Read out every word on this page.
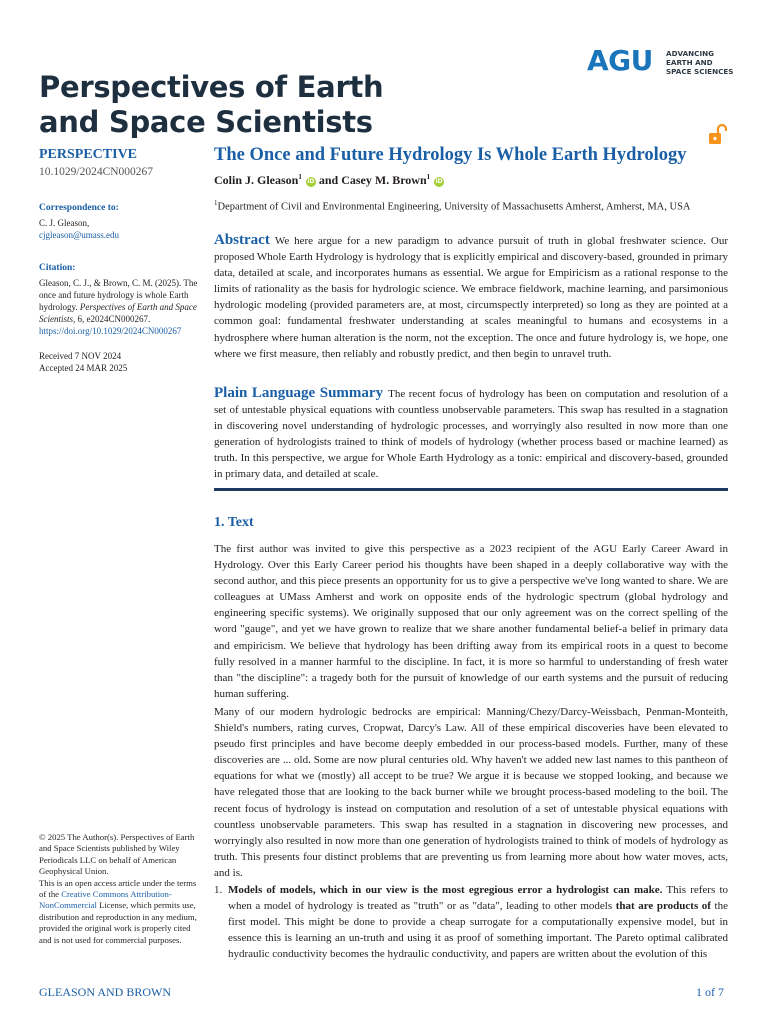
Perspectives of Earth and Space Scientists
AGU ADVANCING
EARTH AND
SPACE SCIENCES
PERSPECTIVE
10.1029/2024CN000267
Correspondence to:
C. J. Gleason,
cjgleason@umass.edu
Citation:
Gleason, C. J., & Brown, C. M. (2025). The once and future hydrology is whole Earth hydrology. Perspectives of Earth and Space Scientists, 6, e2024CN000267. https://doi.org/10.1029/2024CN000267
Received 7 NOV 2024
Accepted 24 MAR 2025
© 2025 The Author(s). Perspectives of Earth and Space Scientists published by Wiley Periodicals LLC on behalf of American Geophysical Union.
This is an open access article under the terms of the Creative Commons Attribution-NonCommercial License, which permits use, distribution and reproduction in any medium, provided the original work is properly cited and is not used for commercial purposes.
The Once and Future Hydrology Is Whole Earth Hydrology
Colin J. Gleason$^1$iD and Casey M. Brown$^1$iD
$^1$Department of Civil and Environmental Engineering, University of Massachusetts Amherst, Amherst, MA, USA
Abstract We here argue for a new paradigm to advance pursuit of truth in global freshwater science. Our proposed Whole Earth Hydrology is hydrology that is explicitly empirical and discovery-based, grounded in primary data, detailed at scale, and incorporates humans as essential. We argue for Empiricism as a rational response to the limits of rationality as the basis for hydrologic science. We embrace fieldwork, machine learning, and parsimonious hydrologic modeling (provided parameters are, at most, circumspectly interpreted) so long as they are pointed at a common goal: fundamental freshwater understanding at scales meaningful to humans and ecosystems in a hydrosphere where human alteration is the norm, not the exception. The once and future hydrology is, we hope, one where we first measure, then reliably and robustly predict, and then begin to unravel truth.
Plain Language Summary The recent focus of hydrology has been on computation and resolution of a set of untestable physical equations with countless unobservable parameters. This swap has resulted in a stagnation in discovering novel understanding of hydrologic processes, and worryingly also resulted in now more than one generation of hydrologists trained to think of models of hydrology (whether process based or machine learned) as truth. In this perspective, we argue for Whole Earth Hydrology as a tonic: empirical and discovery-based, grounded in primary data, and detailed at scale.
1. Text
The first author was invited to give this perspective as a 2023 recipient of the AGU Early Career Award in Hydrology. Over this Early Career period his thoughts have been shaped in a deeply collaborative way with the second author, and this piece presents an opportunity for us to give a perspective we've long wanted to share. We are colleagues at UMass Amherst and work on opposite ends of the hydrologic spectrum (global hydrology and engineering specific systems). We originally supposed that our only agreement was on the correct spelling of the word "gauge", and yet we have grown to realize that we share another fundamental belief-a belief in primary data and empiricism. We believe that hydrology has been drifting away from its empirical roots in a quest to become fully resolved in a manner harmful to the discipline. In fact, it is more so harmful to understanding of fresh water than "the discipline": a tragedy both for the pursuit of knowledge of our earth systems and the pursuit of reducing human suffering.
Many of our modern hydrologic bedrocks are empirical: Manning/Chezy/Darcy-Weissbach, Penman-Monteith, Shield's numbers, rating curves, Cropwat, Darcy's Law. All of these empirical discoveries have been elevated to pseudo first principles and have become deeply embedded in our process-based models. Further, many of these discoveries are ... old. Some are now plural centuries old. Why haven't we added new last names to this pantheon of equations for what we (mostly) all accept to be true? We argue it is because we stopped looking, and because we have relegated those that are looking to the back burner while we brought process-based modeling to the boil. The recent focus of hydrology is instead on computation and resolution of a set of untestable physical equations with countless unobservable parameters. This swap has resulted in a stagnation in discovering new processes, and worryingly also resulted in now more than one generation of hydrologists trained to think of models of hydrology as truth. This presents four distinct problems that are preventing us from learning more about how water moves, acts, and is.
1. Models of models, which in our view is the most egregious error a hydrologist can make. This refers to when a model of hydrology is treated as "truth" or as "data", leading to other models that are products of the first model. This might be done to provide a cheap surrogate for a computationally expensive model, but in essence this is learning an un-truth and using it as proof of something important. The Pareto optimal calibrated hydraulic conductivity becomes the hydraulic conductivity, and papers are written about the evolution of this
GLEASON AND BROWN	1 of 7
